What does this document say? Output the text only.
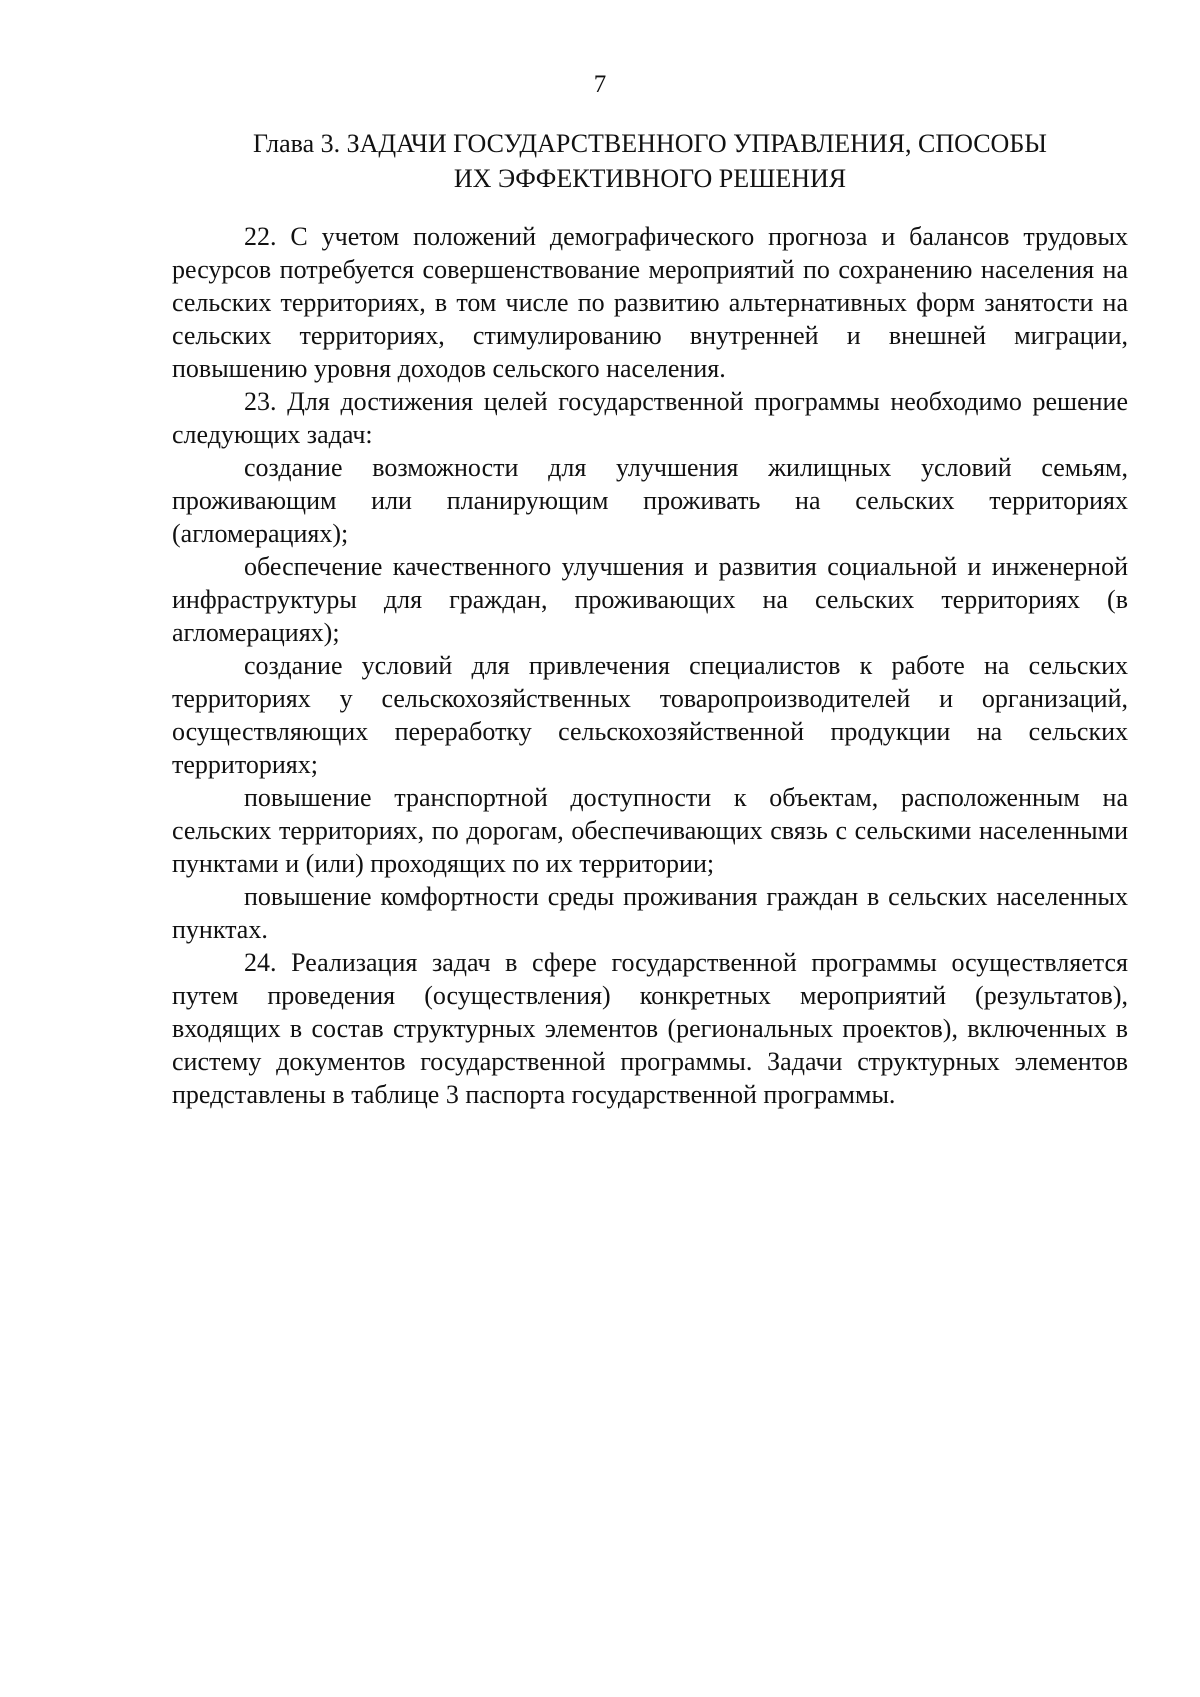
7
Глава 3. ЗАДАЧИ ГОСУДАРСТВЕННОГО УПРАВЛЕНИЯ, СПОСОБЫ
ИХ ЭФФЕКТИВНОГО РЕШЕНИЯ

22. С учетом положений демографического прогноза и балансов трудовых ресурсов потребуется совершенствование мероприятий по сохранению населения на сельских территориях, в том числе по развитию альтернативных форм занятости на сельских территориях, стимулированию внутренней и внешней миграции, повышению уровня доходов сельского населения.

23. Для достижения целей государственной программы необходимо решение следующих задач:

создание возможности для улучшения жилищных условий семьям, проживающим или планирующим проживать на сельских территориях (агломерациях);

обеспечение качественного улучшения и развития социальной и инженерной инфраструктуры для граждан, проживающих на сельских территориях (в агломерациях);

создание условий для привлечения специалистов к работе на сельских территориях у сельскохозяйственных товаропроизводителей и организаций, осуществляющих переработку сельскохозяйственной продукции на сельских территориях;

повышение транспортной доступности к объектам, расположенным на сельских территориях, по дорогам, обеспечивающих связь с сельскими населенными пунктами и (или) проходящих по их территории;

повышение комфортности среды проживания граждан в сельских населенных пунктах.

24. Реализация задач в сфере государственной программы осуществляется путем проведения (осуществления) конкретных мероприятий (результатов), входящих в состав структурных элементов (региональных проектов), включенных в систему документов государственной программы. Задачи структурных элементов представлены в таблице 3 паспорта государственной программы.
